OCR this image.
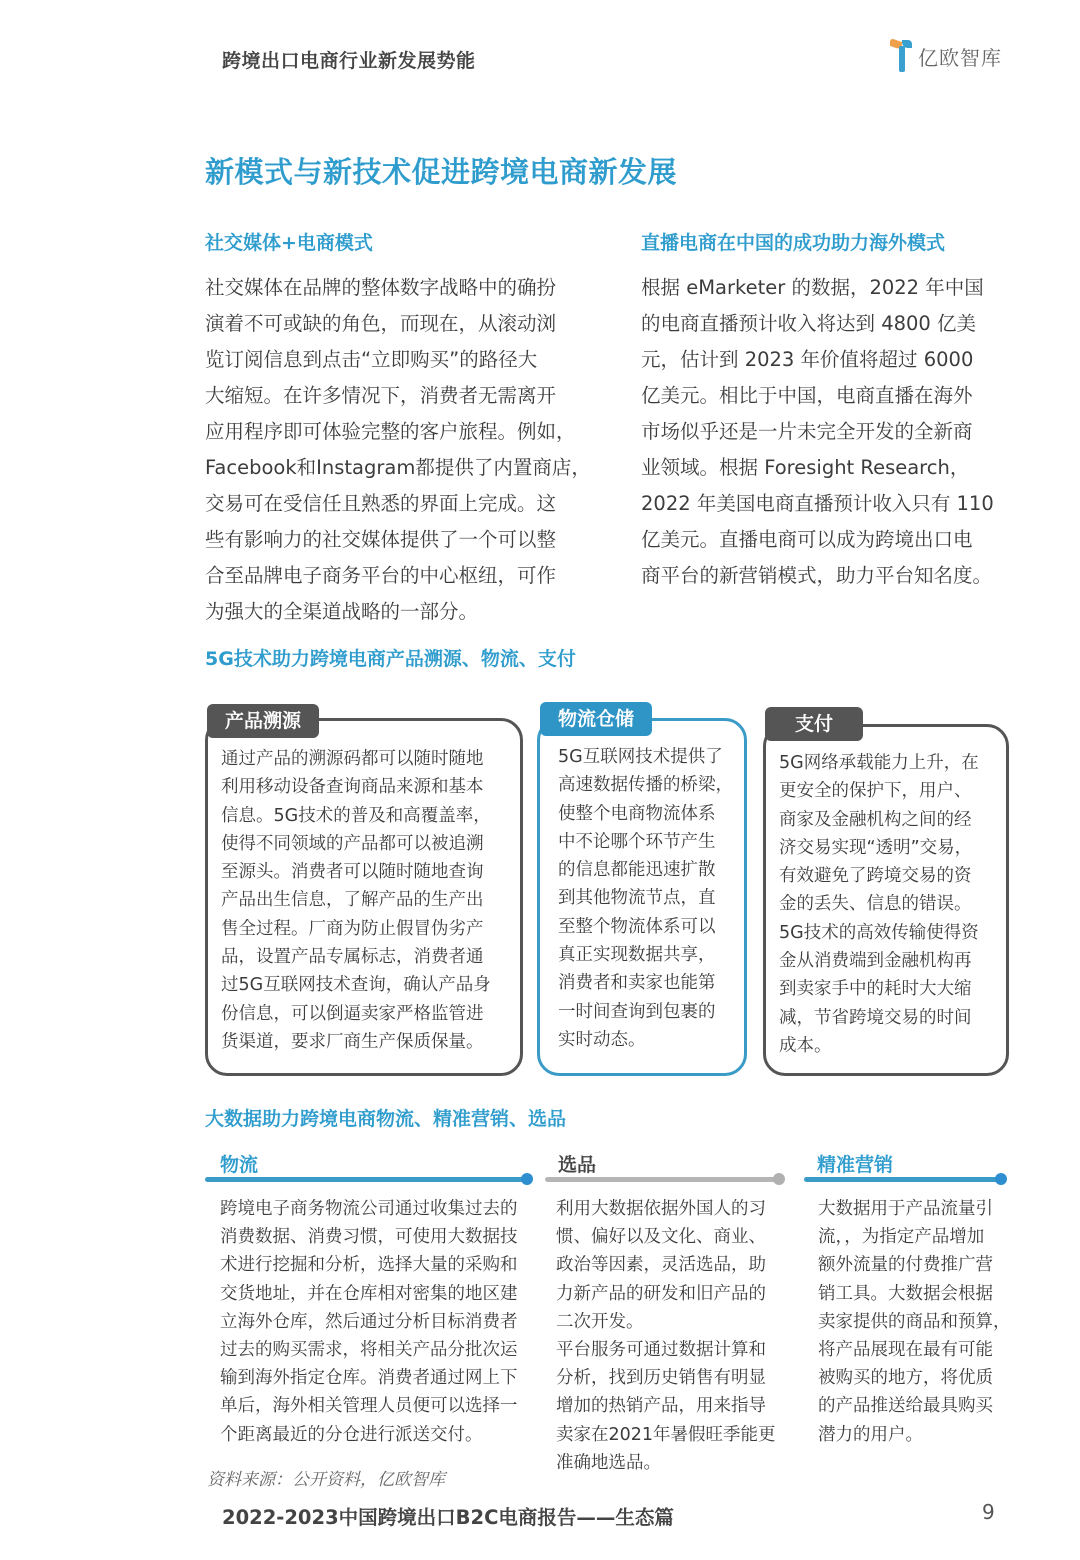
跨境出口电商行业新发展势能	亿欧智库
新模式与新技术促进跨境电商新发展
社交媒体+电商模式
社交媒体在品牌的整体数字战略中的确扮
演着不可或缺的角色，而现在，从滚动浏
览订阅信息到点击“立即购买”的路径大
大缩短。在许多情况下，消费者无需离开
应用程序即可体验完整的客户旅程。例如，
Facebook和Instagram都提供了内置商店，
交易可在受信任且熟悉的界面上完成。这
些有影响力的社交媒体提供了一个可以整
合至品牌电子商务平台的中心枢纽，可作
为强大的全渠道战略的一部分。
直播电商在中国的成功助力海外模式
根据 eMarketer 的数据，2022 年中国
的电商直播预计收入将达到 4800 亿美
元，估计到 2023 年价值将超过 6000
亿美元。相比于中国，电商直播在海外
市场似乎还是一片未完全开发的全新商
业领域。根据 Foresight Research，
2022 年美国电商直播预计收入只有 110
亿美元。直播电商可以成为跨境出口电
商平台的新营销模式，助力平台知名度。
5G技术助力跨境电商产品溯源、物流、支付
产品溯源
通过产品的溯源码都可以随时随地
利用移动设备查询商品来源和基本
信息。5G技术的普及和高覆盖率，
使得不同领域的产品都可以被追溯
至源头。消费者可以随时随地查询
产品出生信息，了解产品的生产出
售全过程。厂商为防止假冒伪劣产
品，设置产品专属标志，消费者通
过5G互联网技术查询，确认产品身
份信息，可以倒逼卖家严格监管进
货渠道，要求厂商生产保质保量。
物流仓储
5G互联网技术提供了
高速数据传播的桥梁，
使整个电商物流体系
中不论哪个环节产生
的信息都能迅速扩散
到其他物流节点，直
至整个物流体系可以
真正实现数据共享，
消费者和卖家也能第
一时间查询到包裹的
实时动态。
支付
5G网络承载能力上升，在
更安全的保护下，用户、
商家及金融机构之间的经
济交易实现“透明”交易，
有效避免了跨境交易的资
金的丢失、信息的错误。
5G技术的高效传输使得资
金从消费端到金融机构再
到卖家手中的耗时大大缩
减，节省跨境交易的时间
成本。
大数据助力跨境电商物流、精准营销、选品
物流	选品	精准营销
跨境电子商务物流公司通过收集过去的
消费数据、消费习惯，可使用大数据技
术进行挖掘和分析，选择大量的采购和
交货地址，并在仓库相对密集的地区建
立海外仓库，然后通过分析目标消费者
过去的购买需求，将相关产品分批次运
输到海外指定仓库。消费者通过网上下
单后，海外相关管理人员便可以选择一
个距离最近的分仓进行派送交付。
利用大数据依据外国人的习
惯、偏好以及文化、商业、
政治等因素，灵活选品，助
力新产品的研发和旧产品的
二次开发。
平台服务可通过数据计算和
分析，找到历史销售有明显
增加的热销产品，用来指导
卖家在2021年暑假旺季能更
准确地选品。
大数据用于产品流量引
流，，为指定产品增加
额外流量的付费推广营
销工具。大数据会根据
卖家提供的商品和预算，
将产品展现在最有可能
被购买的地方，将优质
的产品推送给最具购买
潜力的用户。
资料来源：公开资料，亿欧智库
2022-2023中国跨境出口B2C电商报告——生态篇	9
